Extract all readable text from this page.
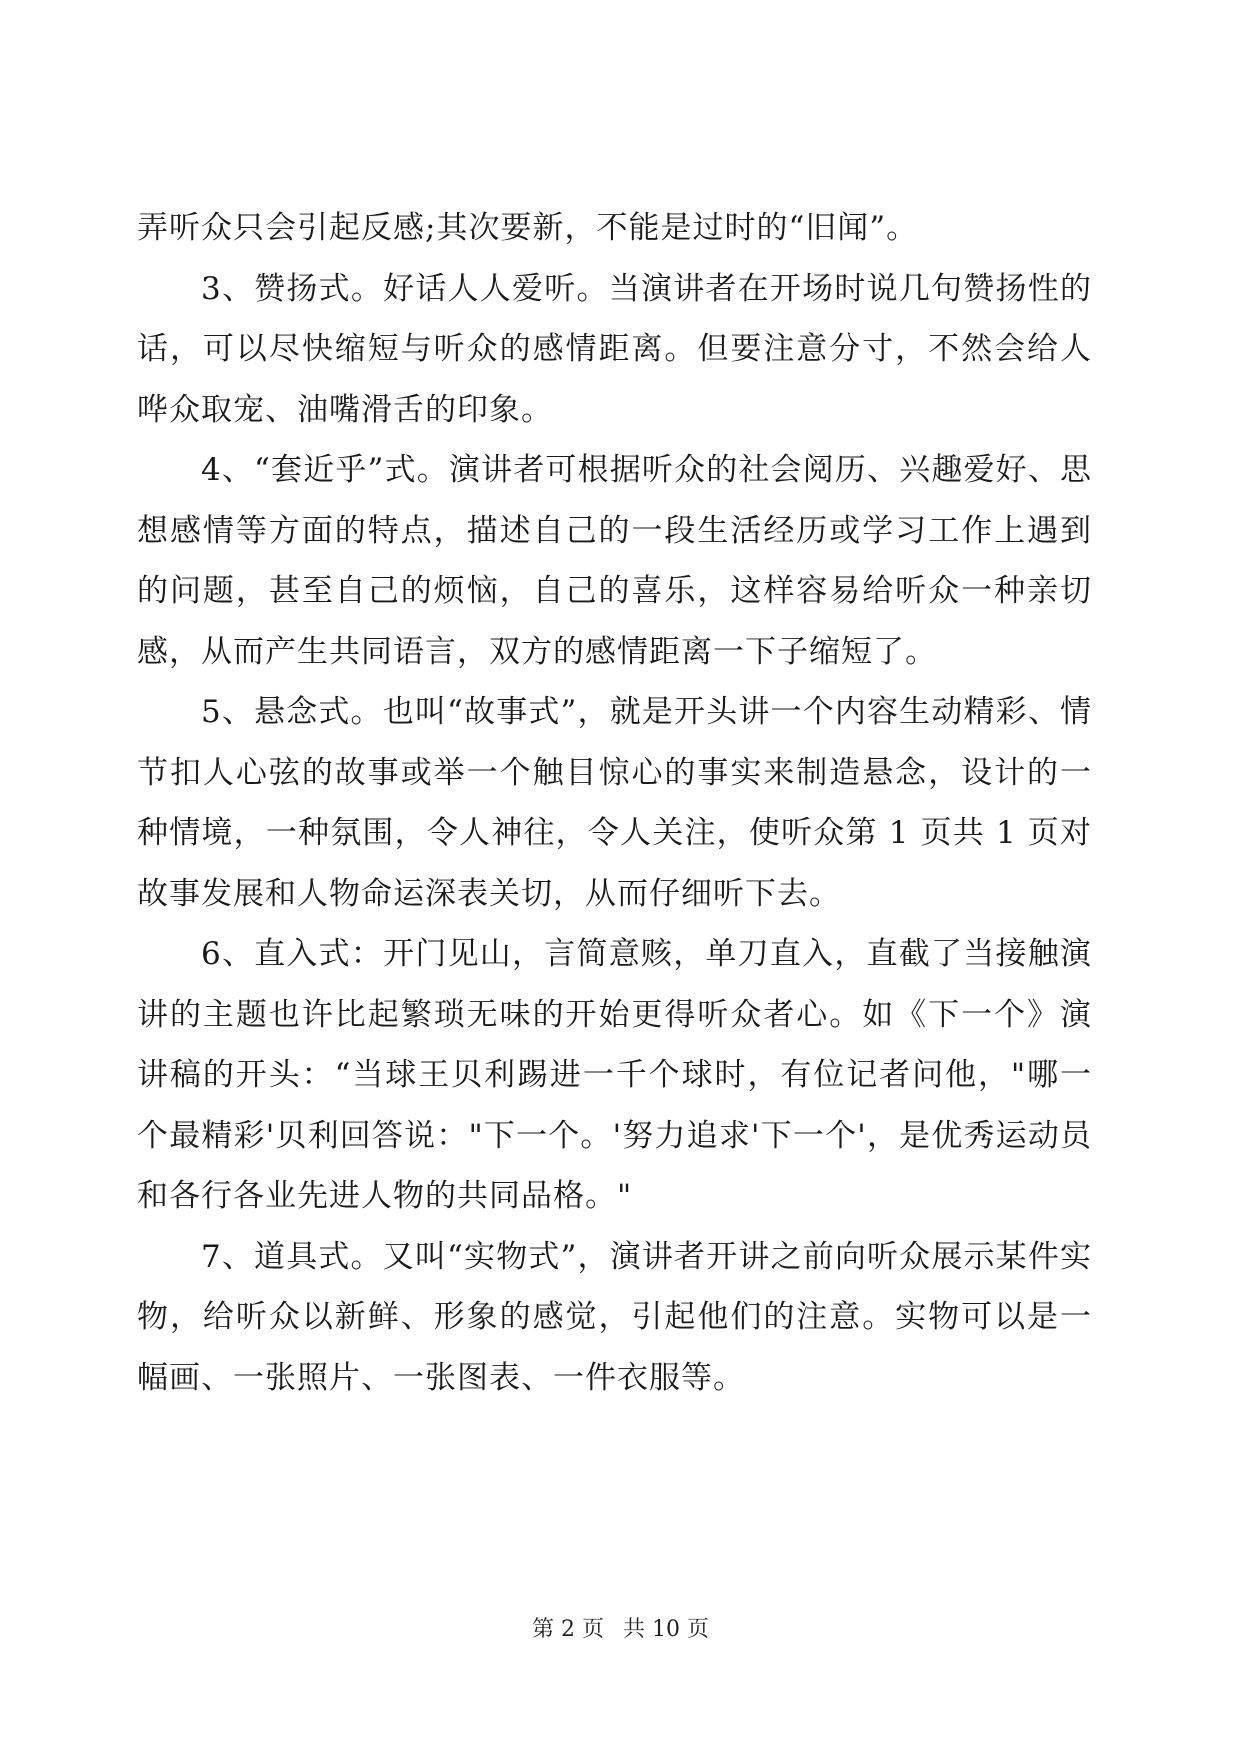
弄听众只会引起反感;其次要新，不能是过时的“旧闻”。

3、赞扬式。好话人人爱听。当演讲者在开场时说几句赞扬性的话，可以尽快缩短与听众的感情距离。但要注意分寸，不然会给人哗众取宠、油嘴滑舌的印象。

4、“套近乎”式。演讲者可根据听众的社会阅历、兴趣爱好、思想感情等方面的特点，描述自己的一段生活经历或学习工作上遇到的问题，甚至自己的烦恼，自己的喜乐，这样容易给听众一种亲切感，从而产生共同语言，双方的感情距离一下子缩短了。

5、悬念式。也叫“故事式”，就是开头讲一个内容生动精彩、情节扣人心弦的故事或举一个触目惊心的事实来制造悬念，设计的一种情境，一种氛围，令人神往，令人关注，使听众第 1 页共 1 页对故事发展和人物命运深表关切，从而仔细听下去。

6、直入式：开门见山，言简意赅，单刀直入，直截了当接触演讲的主题也许比起繁琐无味的开始更得听众者心。如《下一个》演讲稿的开头：“当球王贝利踢进一千个球时，有位记者问他，"哪一个最精彩'贝利回答说："下一个。'努力追求'下一个'，是优秀运动员和各行各业先进人物的共同品格。"

7、道具式。又叫“实物式”，演讲者开讲之前向听众展示某件实物，给听众以新鲜、形象的感觉，引起他们的注意。实物可以是一幅画、一张照片、一张图表、一件衣服等。

第 2 页 共 10 页
